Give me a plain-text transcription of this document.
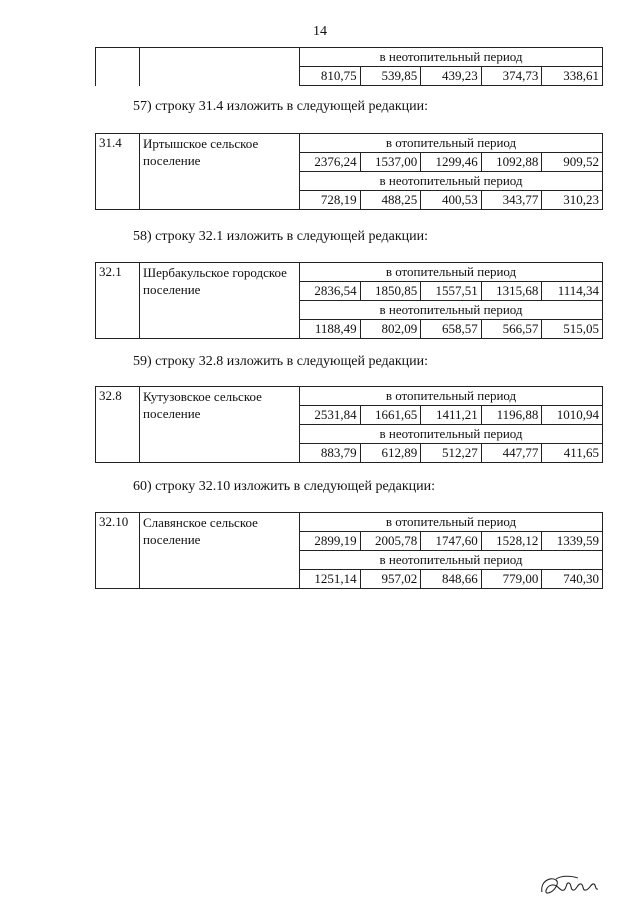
14
		в неотопительный период				
		810,75	539,85	439,23	374,73	338,61
57) строку 31.4 изложить в следующей редакции:
31.4	Иртышское сельское поселение	в отопительный период				
		2376,24	1537,00	1299,46	1092,88	909,52
		в неотопительный период				
		728,19	488,25	400,53	343,77	310,23
58) строку 32.1 изложить в следующей редакции:
32.1	Шербакульское городское поселение	в отопительный период				
		2836,54	1850,85	1557,51	1315,68	1114,34
		в неотопительный период				
		1188,49	802,09	658,57	566,57	515,05
59) строку 32.8 изложить в следующей редакции:
32.8	Кутузовское сельское поселение	в отопительный период				
		2531,84	1661,65	1411,21	1196,88	1010,94
		в неотопительный период				
		883,79	612,89	512,27	447,77	411,65
60) строку 32.10 изложить в следующей редакции:
32.10	Славянское сельское поселение	в отопительный период				
		2899,19	2005,78	1747,60	1528,12	1339,59
		в неотопительный период				
		1251,14	957,02	848,66	779,00	740,30
